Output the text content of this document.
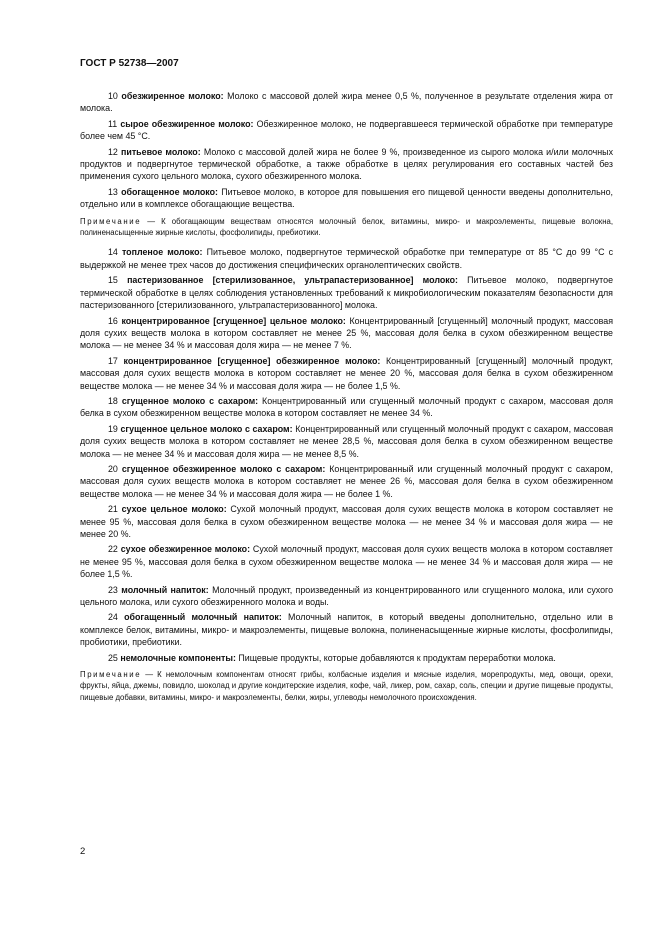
ГОСТ Р 52738—2007

10 обезжиренное молоко: Молоко с массовой долей жира менее 0,5 %, полученное в результате отделения жира от молока.

11 сырое обезжиренное молоко: Обезжиренное молоко, не подвергавшееся термической обработке при температуре более чем 45 °С.

12 питьевое молоко: Молоко с массовой долей жира не более 9 %, произведенное из сырого молока и/или молочных продуктов и подвергнутое термической обработке, а также обработке в целях регулирования его составных частей без применения сухого цельного молока, сухого обезжиренного молока.

13 обогащенное молоко: Питьевое молоко, в которое для повышения его пищевой ценности введены дополнительно, отдельно или в комплексе обогащающие вещества.

Примечание — К обогащающим веществам относятся молочный белок, витамины, микро- и макроэлементы, пищевые волокна, полиненасыщенные жирные кислоты, фосфолипиды, пребиотики.

14 топленое молоко: Питьевое молоко, подвергнутое термической обработке при температуре от 85 °С до 99 °С с выдержкой не менее трех часов до достижения специфических органолептических свойств.

15 пастеризованное [стерилизованное, ультрапастеризованное] молоко: Питьевое молоко, подвергнутое термической обработке в целях соблюдения установленных требований к микробиологическим показателям безопасности для пастеризованного [стерилизованного, ультрапастеризованного] молока.

16 концентрированное [сгущенное] цельное молоко: Концентрированный [сгущенный] молочный продукт, массовая доля сухих веществ молока в котором составляет не менее 25 %, массовая доля белка в сухом обезжиренном веществе молока — не менее 34 % и массовая доля жира — не менее 7 %.

17 концентрированное [сгущенное] обезжиренное молоко: Концентрированный [сгущенный] молочный продукт, массовая доля сухих веществ молока в котором составляет не менее 20 %, массовая доля белка в сухом обезжиренном веществе молока — не менее 34 % и массовая доля жира — не более 1,5 %.

18 сгущенное молоко с сахаром: Концентрированный или сгущенный молочный продукт с сахаром, массовая доля белка в сухом обезжиренном веществе молока в котором составляет не менее 34 %.

19 сгущенное цельное молоко с сахаром: Концентрированный или сгущенный молочный продукт с сахаром, массовая доля сухих веществ молока в котором составляет не менее 28,5 %, массовая доля белка в сухом обезжиренном веществе молока — не менее 34 % и массовая доля жира — не менее 8,5 %.

20 сгущенное обезжиренное молоко с сахаром: Концентрированный или сгущенный молочный продукт с сахаром, массовая доля сухих веществ молока в котором составляет не менее 26 %, массовая доля белка в сухом обезжиренном веществе молока — не менее 34 % и массовая доля жира — не более 1 %.

21 сухое цельное молоко: Сухой молочный продукт, массовая доля сухих веществ молока в котором составляет не менее 95 %, массовая доля белка в сухом обезжиренном веществе молока — не менее 34 % и массовая доля жира — не менее 20 %.

22 сухое обезжиренное молоко: Сухой молочный продукт, массовая доля сухих веществ молока в котором составляет не менее 95 %, массовая доля белка в сухом обезжиренном веществе молока — не менее 34 % и массовая доля жира — не более 1,5 %.

23 молочный напиток: Молочный продукт, произведенный из концентрированного или сгущенного молока, или сухого цельного молока, или сухого обезжиренного молока и воды.

24 обогащенный молочный напиток: Молочный напиток, в который введены дополнительно, отдельно или в комплексе белок, витамины, микро- и макроэлементы, пищевые волокна, полиненасыщенные жирные кислоты, фосфолипиды, пробиотики, пребиотики.

25 немолочные компоненты: Пищевые продукты, которые добавляются к продуктам переработки молока.

Примечание — К немолочным компонентам относят грибы, колбасные изделия и мясные изделия, морепродукты, мед, овощи, орехи, фрукты, яйца, джемы, повидло, шоколад и другие кондитерские изделия, кофе, чай, ликер, ром, сахар, соль, специи и другие пищевые продукты, пищевые добавки, витамины, микро- и макроэлементы, белки, жиры, углеводы немолочного происхождения.

2
